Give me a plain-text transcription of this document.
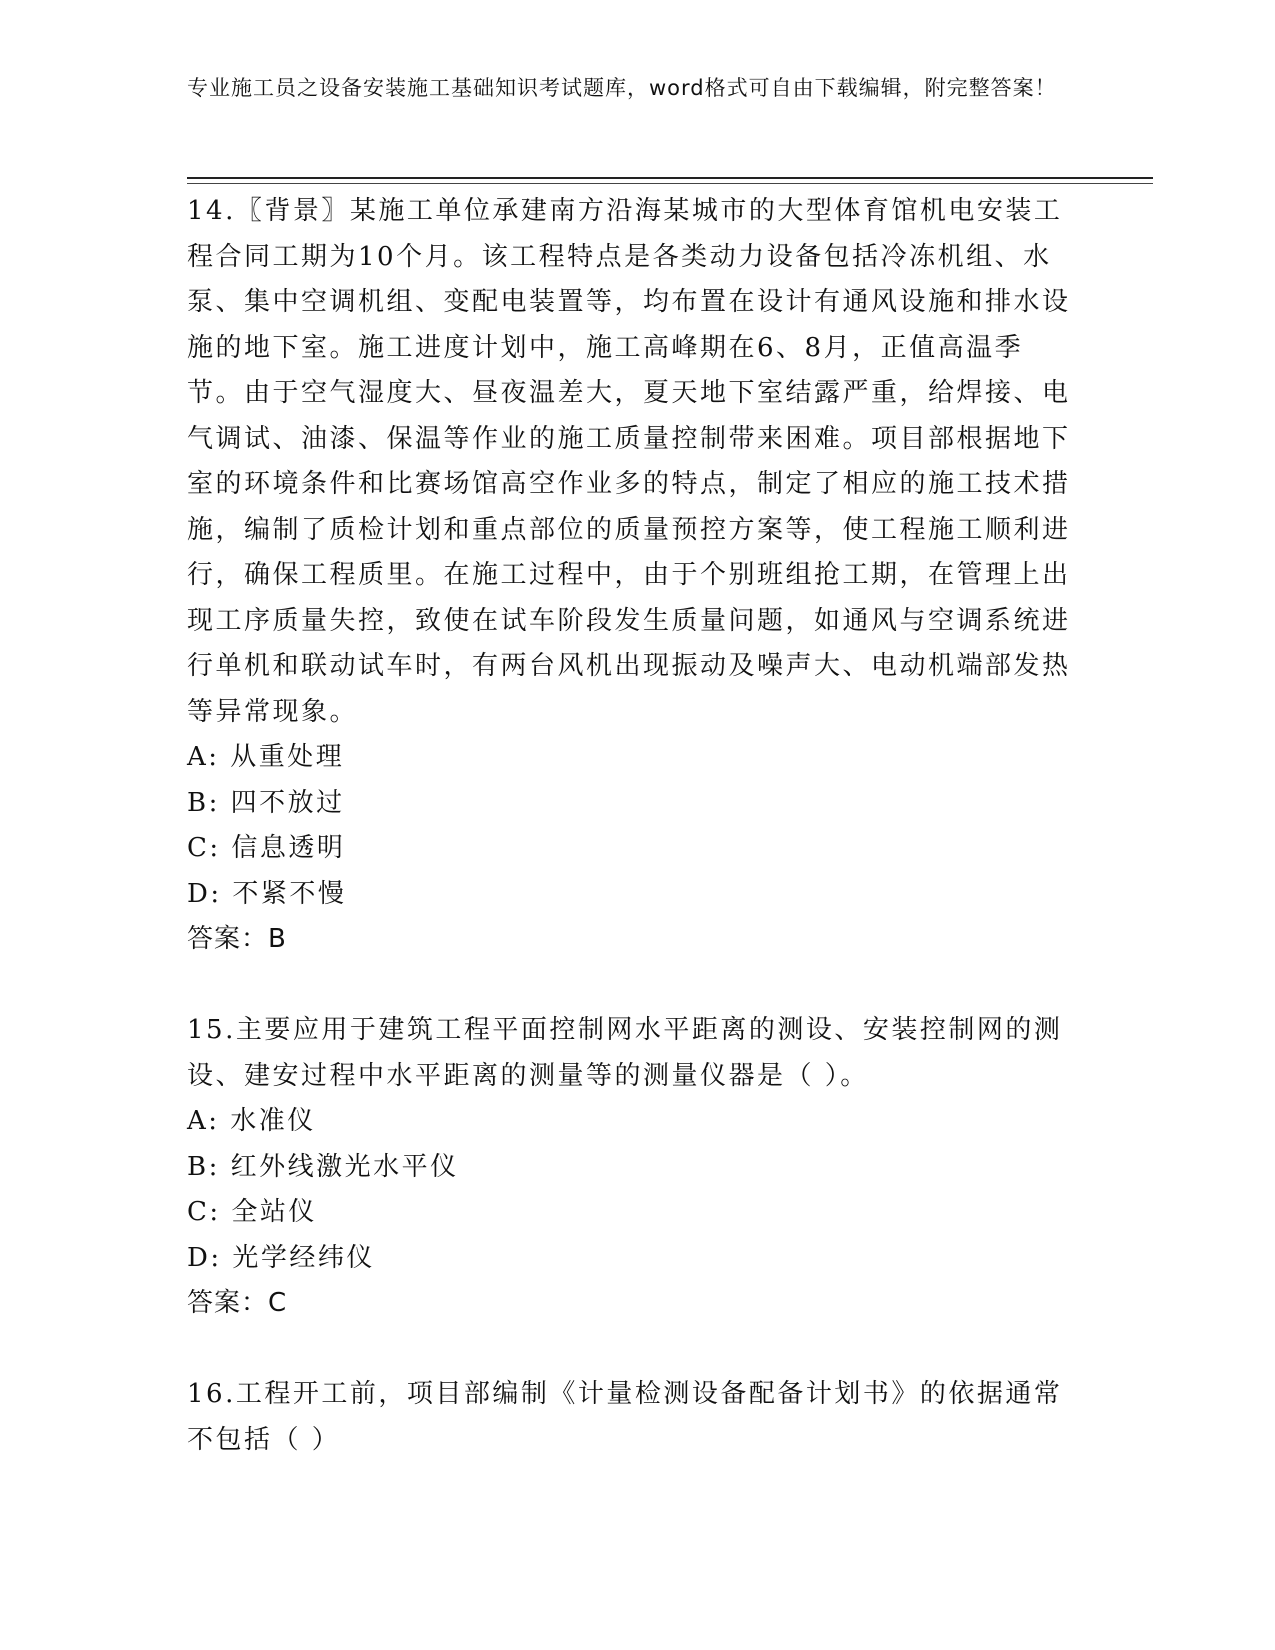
专业施工员之设备安装施工基础知识考试题库，word格式可自由下载编辑，附完整答案！

14.〖背景〗某施工单位承建南方沿海某城市的大型体育馆机电安装工程合同工期为10个月。该工程特点是各类动力设备包括冷冻机组、水泵、集中空调机组、变配电装置等，均布置在设计有通风设施和排水设施的地下室。施工进度计划中，施工高峰期在6、8月，正值高温季节。由于空气湿度大、昼夜温差大，夏天地下室结露严重，给焊接、电气调试、油漆、保温等作业的施工质量控制带来困难。项目部根据地下室的环境条件和比赛场馆高空作业多的特点，制定了相应的施工技术措施，编制了质检计划和重点部位的质量预控方案等，使工程施工顺利进行，确保工程质里。在施工过程中，由于个别班组抢工期，在管理上出现工序质量失控，致使在试车阶段发生质量问题，如通风与空调系统进行单机和联动试车时，有两台风机出现振动及噪声大、电动机端部发热等异常现象。

A: 从重处理

B: 四不放过

C: 信息透明

D: 不紧不慢

答案：B

15.主要应用于建筑工程平面控制网水平距离的测设、安装控制网的测设、建安过程中水平距离的测量等的测量仪器是（ ）。

A: 水准仪

B: 红外线激光水平仪

C: 全站仪

D: 光学经纬仪

答案：C

16.工程开工前，项目部编制《计量检测设备配备计划书》的依据通常不包括（ ）
